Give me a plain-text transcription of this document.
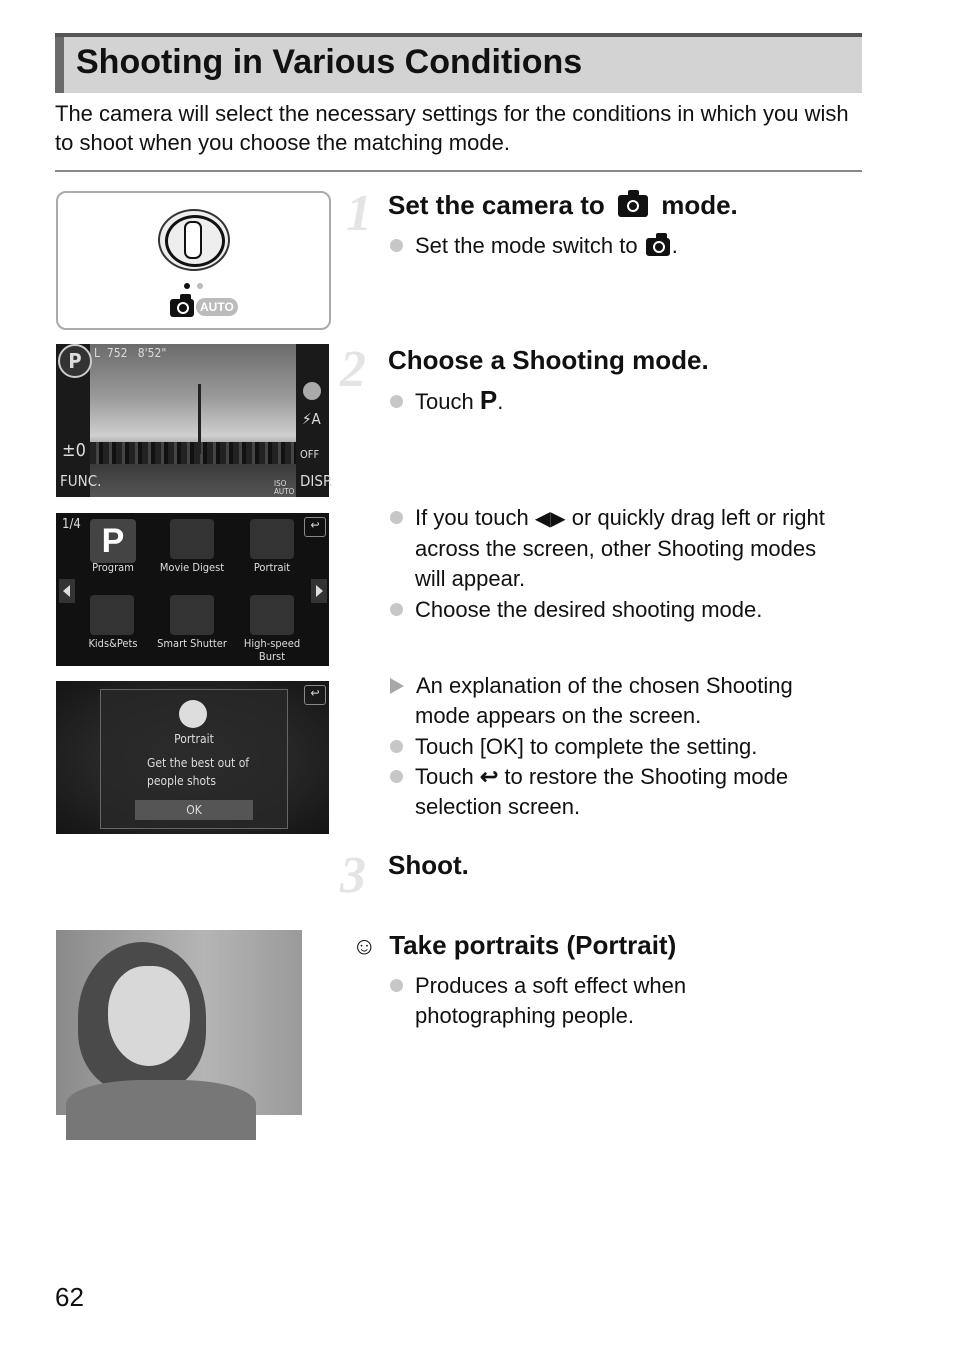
Shooting in Various Conditions
The camera will select the necessary settings for the conditions in which you wish to shoot when you choose the matching mode.
AUTO
1 Set the camera to mode.
Set the mode switch to .
P	L  752   8'52"
±0
FUNC.
⚡A
OFF
DISP.
ISO AUTO
2 Choose a Shooting mode.
Touch P.
1/4	↩
P
Program	Movie Digest	Portrait
Kids&Pets	Smart Shutter	High-speed Burst
If you touch ◀▶ or quickly drag left or right
across the screen, other Shooting modes
will appear.
Choose the desired shooting mode.
↩
Portrait
Get the best out of
people shots
OK
An explanation of the chosen Shooting
mode appears on the screen.
Touch [OK] to complete the setting.
Touch ↩ to restore the Shooting mode
selection screen.
3 Shoot.
☺ Take portraits (Portrait)
Produces a soft effect when
photographing people.
62
